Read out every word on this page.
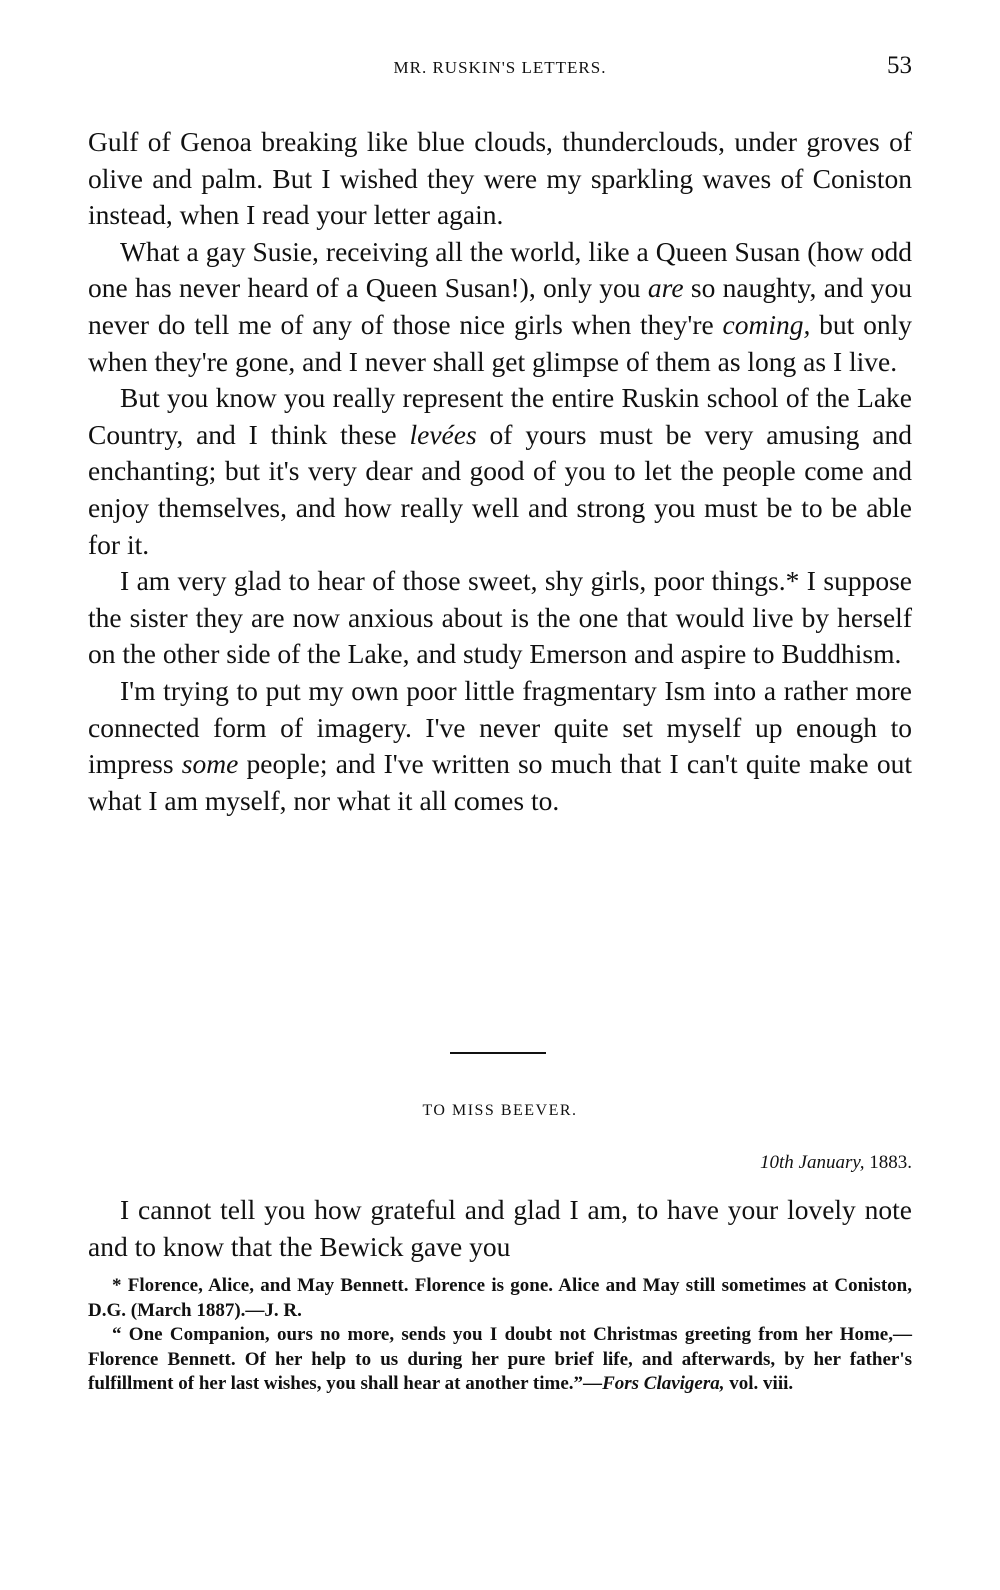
MR. RUSKIN'S LETTERS.	53

Gulf of Genoa breaking like blue clouds, thunderclouds, under groves of olive and palm. But I wished they were my sparkling waves of Coniston instead, when I read your letter again.

What a gay Susie, receiving all the world, like a Queen Susan (how odd one has never heard of a Queen Susan!), only you are so naughty, and you never do tell me of any of those nice girls when they're coming, but only when they're gone, and I never shall get glimpse of them as long as I live.

But you know you really represent the entire Ruskin school of the Lake Country, and I think these levées of yours must be very amusing and enchanting; but it's very dear and good of you to let the people come and enjoy themselves, and how really well and strong you must be to be able for it.

I am very glad to hear of those sweet, shy girls, poor things.* I suppose the sister they are now anxious about is the one that would live by herself on the other side of the Lake, and study Emerson and aspire to Buddhism.

I'm trying to put my own poor little fragmentary Ism into a rather more connected form of imagery. I've never quite set myself up enough to impress some people; and I've written so much that I can't quite make out what I am myself, nor what it all comes to.

TO MISS BEEVER.
10th January, 1883.

I cannot tell you how grateful and glad I am, to have your lovely note and to know that the Bewick gave you

* Florence, Alice, and May Bennett. Florence is gone. Alice and May still sometimes at Coniston, D.G. (March 1887).—J. R.

“ One Companion, ours no more, sends you I doubt not Christmas greeting from her Home,—Florence Bennett. Of her help to us during her pure brief life, and afterwards, by her father's fulfillment of her last wishes, you shall hear at another time.”—Fors Clavigera, vol. viii.
